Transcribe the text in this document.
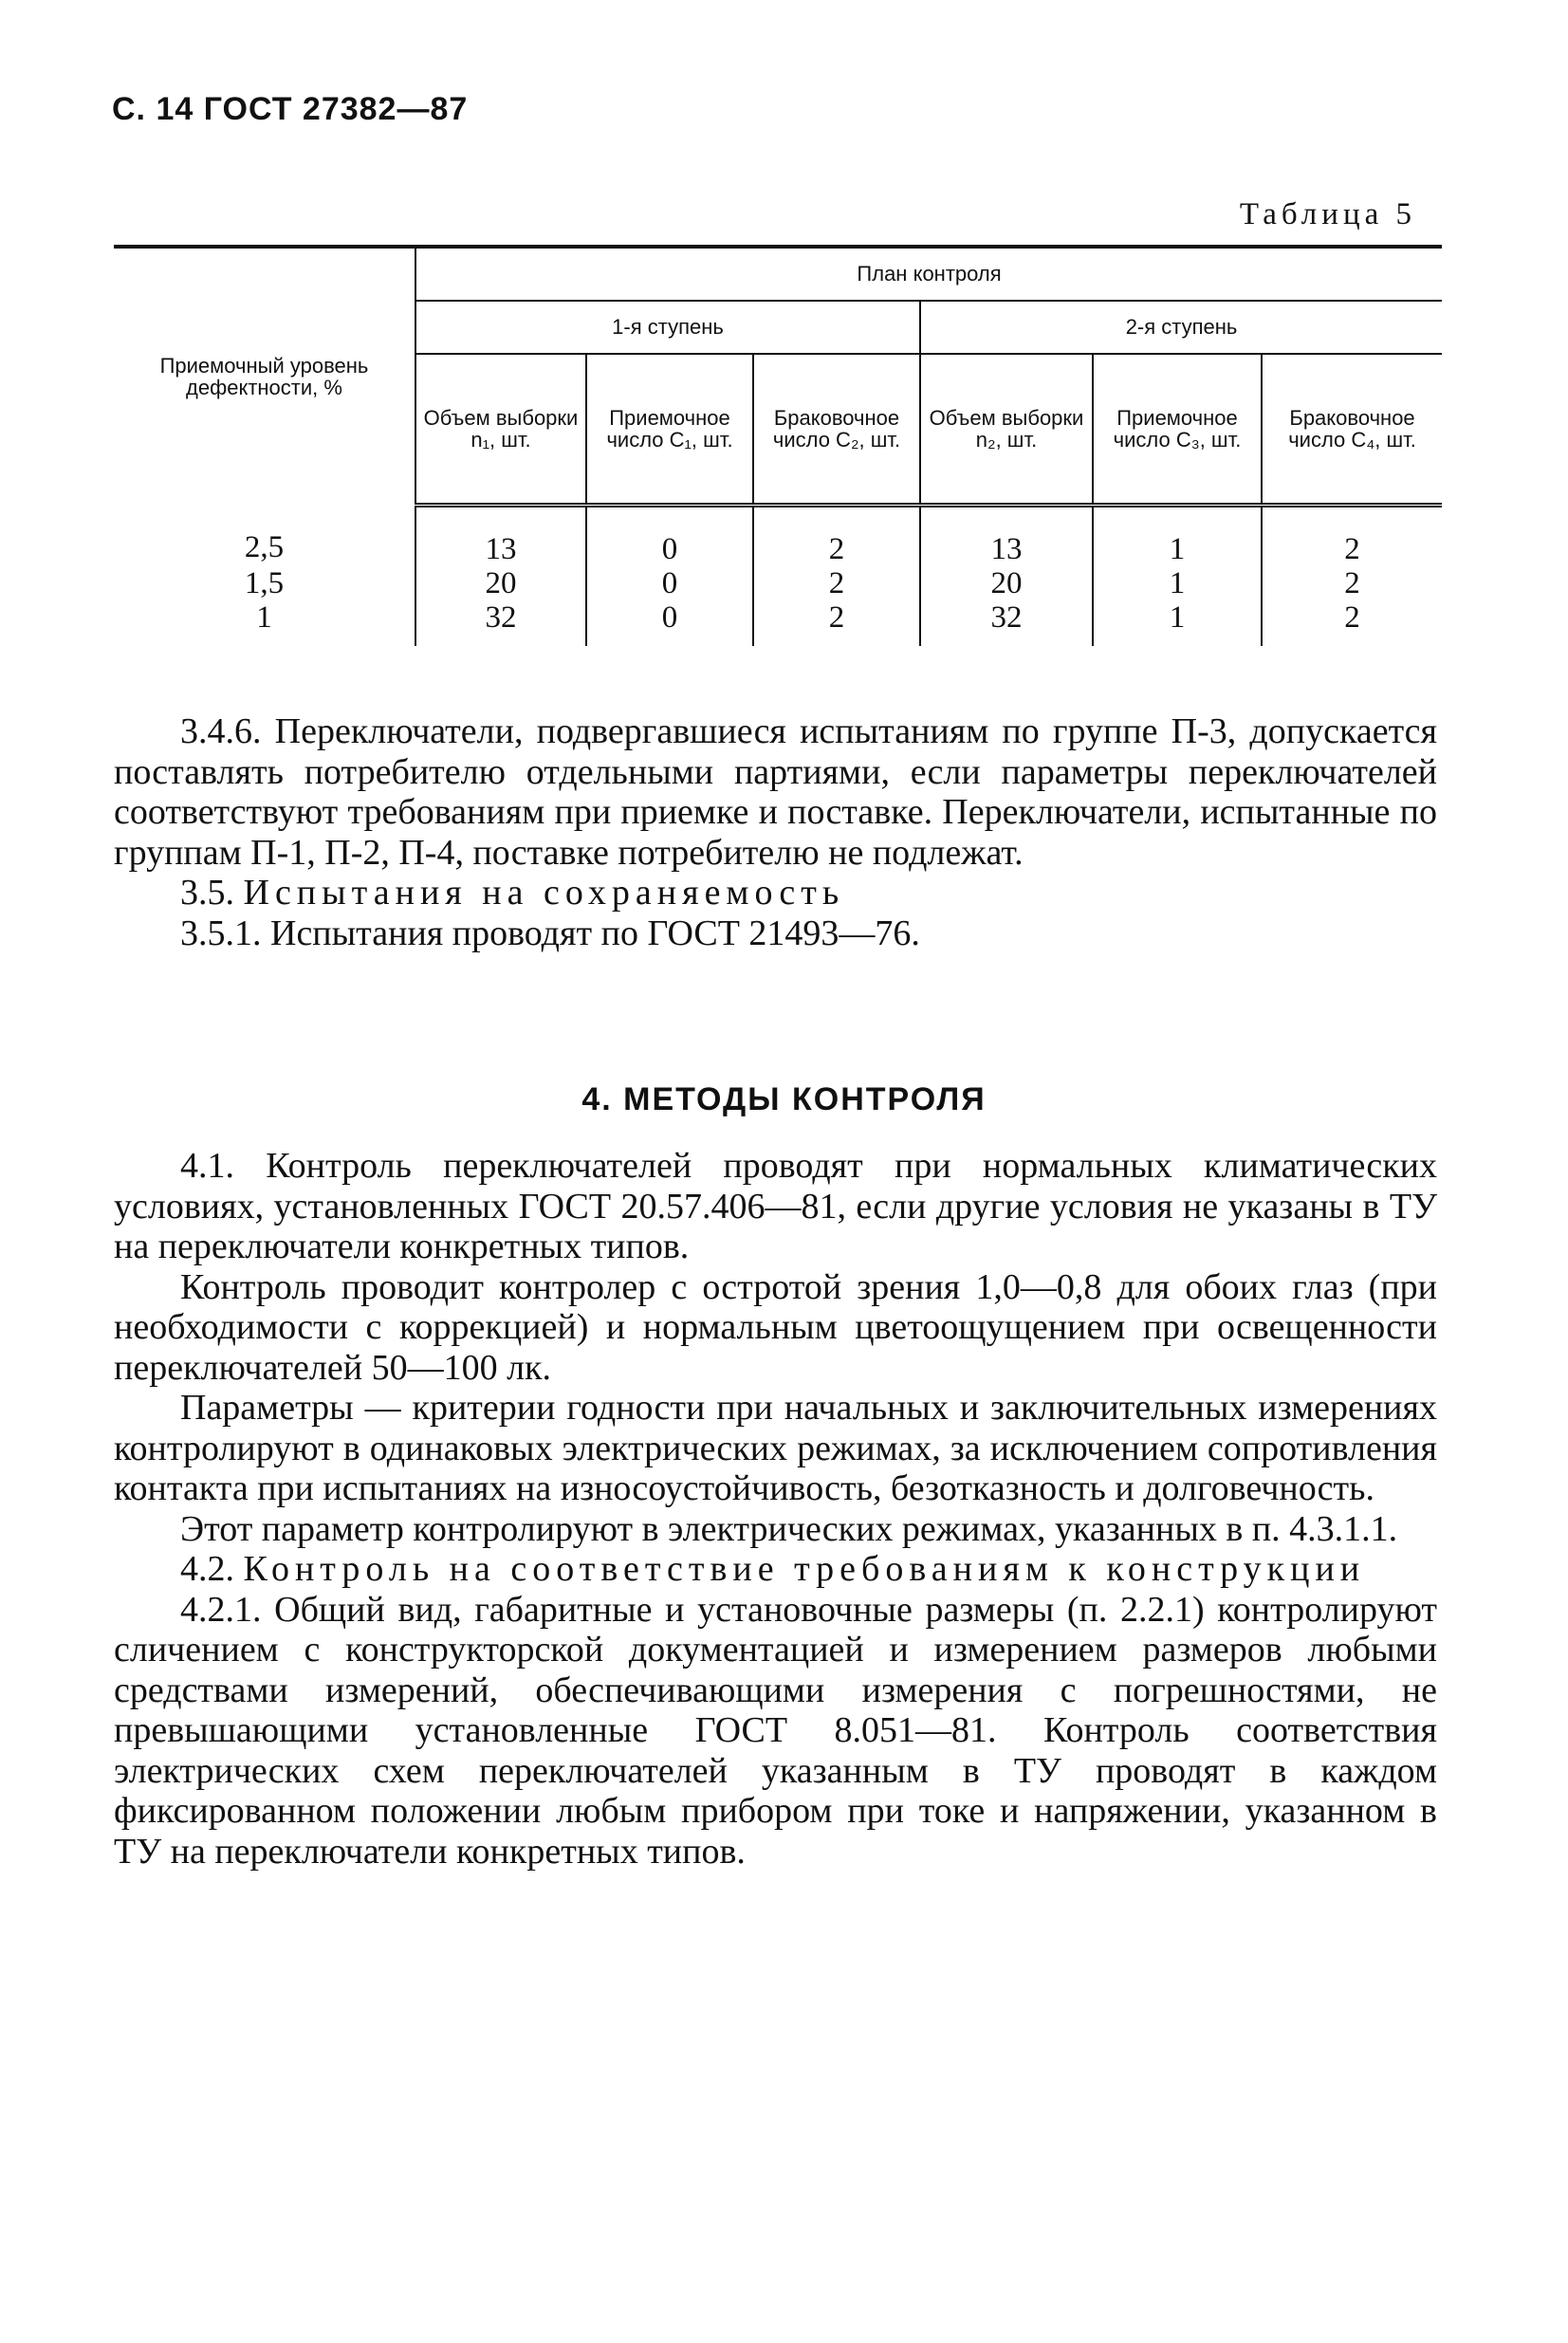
С. 14 ГОСТ 27382—87
Таблица 5
Приемочный уровень дефектности, %	План контроля					
	1-я ступень			2-я ступень		
	Объем выборки n₁, шт.	Приемочное число C₁, шт.	Браковочное число C₂, шт.	Объем выборки n₂, шт.	Приемочное число C₃, шт.	Браковочное число C₄, шт.
2,5	13	0	2	13	1	2
1,5	20	0	2	20	1	2
1	32	0	2	32	1	2

3.4.6. Переключатели, подвергавшиеся испытаниям по группе П-3, допускается поставлять потребителю отдельными партиями, если параметры переключателей соответствуют требованиям при приемке и поставке. Переключатели, испытанные по группам П-1, П-2, П-4, поставке потребителю не подлежат.

3.5. Испытания на сохраняемость

3.5.1. Испытания проводят по ГОСТ 21493—76.

4. МЕТОДЫ КОНТРОЛЯ

4.1. Контроль переключателей проводят при нормальных климатических условиях, установленных ГОСТ 20.57.406—81, если другие условия не указаны в ТУ на переключатели конкретных типов.

Контроль проводит контролер с остротой зрения 1,0—0,8 для обоих глаз (при необходимости с коррекцией) и нормальным цветоощущением при освещенности переключателей 50—100 лк.

Параметры — критерии годности при начальных и заключительных измерениях контролируют в одинаковых электрических режимах, за исключением сопротивления контакта при испытаниях на износоустойчивость, безотказность и долговечность.

Этот параметр контролируют в электрических режимах, указанных в п. 4.3.1.1.

4.2. Контроль на соответствие требованиям к конструкции

4.2.1. Общий вид, габаритные и установочные размеры (п. 2.2.1) контролируют сличением с конструкторской документацией и измерением размеров любыми средствами измерений, обеспечивающими измерения с погрешностями, не превышающими установленные ГОСТ 8.051—81. Контроль соответствия электрических схем переключателей указанным в ТУ проводят в каждом фиксированном положении любым прибором при токе и напряжении, указанном в ТУ на переключатели конкретных типов.
